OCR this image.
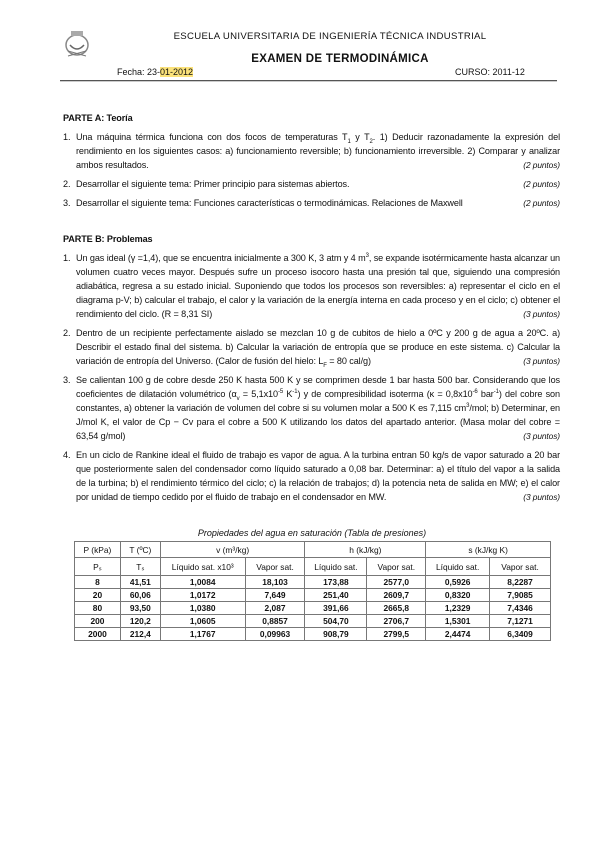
ESCUELA UNIVERSITARIA DE INGENIERÍA TÉCNICA INDUSTRIAL
EXAMEN DE TERMODINÁMICA
Fecha: 23-01-2012	CURSO: 2011-12
PARTE A: Teoría
1. Una máquina térmica funciona con dos focos de temperaturas $T_1$ y $T_2$. 1) Deducir razonadamente la expresión del rendimiento en los siguientes casos: a) funcionamiento reversible; b) funcionamiento irreversible. 2) Comparar y analizar ambos resultados.	(2 puntos)
2. Desarrollar el siguiente tema: Primer principio para sistemas abiertos.	(2 puntos)
3. Desarrollar el siguiente tema: Funciones características o termodinámicas. Relaciones de Maxwell	(2 puntos)
PARTE B: Problemas
1. Un gas ideal (γ =1,4), que se encuentra inicialmente a 300 K, 3 atm y 4 $m^3$, se expande isotérmicamente hasta alcanzar un volumen cuatro veces mayor. Después sufre un proceso isocoro hasta una presión tal que, siguiendo una compresión adiabática, regresa a su estado inicial. Suponiendo que todos los procesos son reversibles: a) representar el ciclo en el diagrama p-V; b) calcular el trabajo, el calor y la variación de la energía interna en cada proceso y en el ciclo; c) obtener el rendimiento del ciclo. (R = 8,31 SI)	(3 puntos)
2. Dentro de un recipiente perfectamente aislado se mezclan 10 g de cubitos de hielo a 0ºC y 200 g de agua a 20ºC. a) Describir el estado final del sistema. b) Calcular la variación de entropía que se produce en este sistema. c) Calcular la variación de entropía del Universo. (Calor de fusión del hielo: $L_F = 80$ cal/g)	(3 puntos)
3. Se calientan 100 g de cobre desde 250 K hasta 500 K y se comprimen desde 1 bar hasta 500 bar. Considerando que los coeficientes de dilatación volumétrico ($\alpha_v = 5,1x10^{-5}$ $K^{-1}$) y de compresibilidad isoterma ($\kappa = 0,8x10^{-6}$ bar$^{-1}$) del cobre son constantes, a) obtener la variación de volumen del cobre si su volumen molar a 500 K es 7,115 $cm^3$/mol; b) Determinar, en J/mol K, el valor de Cp − Cv para el cobre a 500 K utilizando los datos del apartado anterior. (Masa molar del cobre = 63,54 g/mol)	(3 puntos)
4. En un ciclo de Rankine ideal el fluido de trabajo es vapor de agua. A la turbina entran 50 kg/s de vapor saturado a 20 bar que posteriormente salen del condensador como líquido saturado a 0,08 bar. Determinar: a) el título del vapor a la salida de la turbina; b) el rendimiento térmico del ciclo; c) la relación de trabajos; d) la potencia neta de salida en MW; e) el calor por unidad de tiempo cedido por el fluido de trabajo en el condensador en MW.	(3 puntos)
Propiedades del agua en saturación (Tabla de presiones)
P (kPa)	T (ºC)	v (m³/kg)		h (kJ/kg)		s (kJ/kg K)	
Pₛ	Tₛ	Líquido sat. x10³	Vapor sat.	Líquido sat.	Vapor sat.	Líquido sat.	Vapor sat.
8	41,51	1,0084	18,103	173,88	2577,0	0,5926	8,2287
20	60,06	1,0172	7,649	251,40	2609,7	0,8320	7,9085
80	93,50	1,0380	2,087	391,66	2665,8	1,2329	7,4346
200	120,2	1,0605	0,8857	504,70	2706,7	1,5301	7,1271
2000	212,4	1,1767	0,09963	908,79	2799,5	2,4474	6,3409
